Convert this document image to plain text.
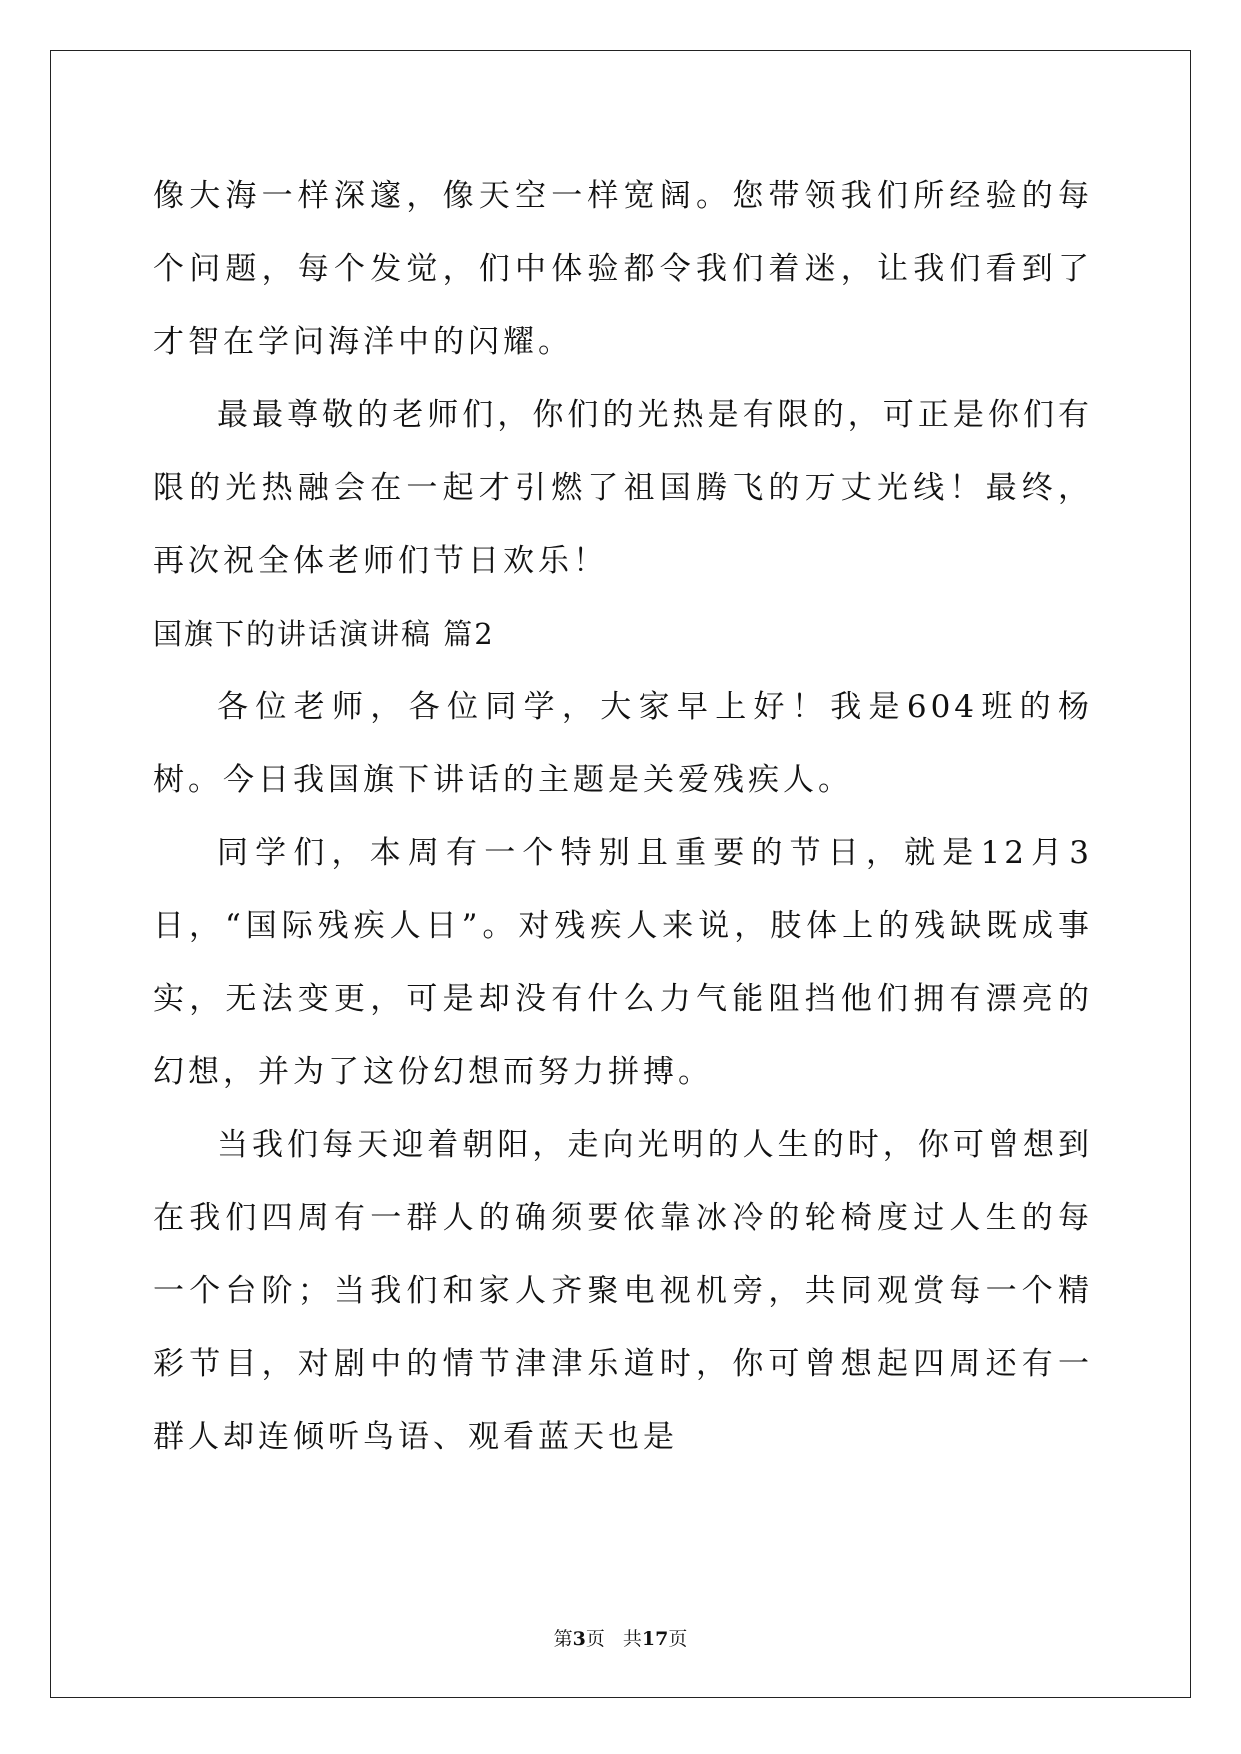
像大海一样深邃，像天空一样宽阔。您带领我们所经验的每个问题，每个发觉，们中体验都令我们着迷，让我们看到了才智在学问海洋中的闪耀。

最最尊敬的老师们，你们的光热是有限的，可正是你们有限的光热融会在一起才引燃了祖国腾飞的万丈光线！最终，再次祝全体老师们节日欢乐！

国旗下的讲话演讲稿 篇2

各位老师，各位同学，大家早上好！我是604班的杨树。今日我国旗下讲话的主题是关爱残疾人。

同学们，本周有一个特别且重要的节日，就是12月3日，“国际残疾人日”。对残疾人来说，肢体上的残缺既成事实，无法变更，可是却没有什么力气能阻挡他们拥有漂亮的幻想，并为了这份幻想而努力拼搏。

当我们每天迎着朝阳，走向光明的人生的时，你可曾想到在我们四周有一群人的确须要依靠冰冷的轮椅度过人生的每一个台阶；当我们和家人齐聚电视机旁，共同观赏每一个精彩节目，对剧中的情节津津乐道时，你可曾想起四周还有一群人却连倾听鸟语、观看蓝天也是

第3页 共17页
